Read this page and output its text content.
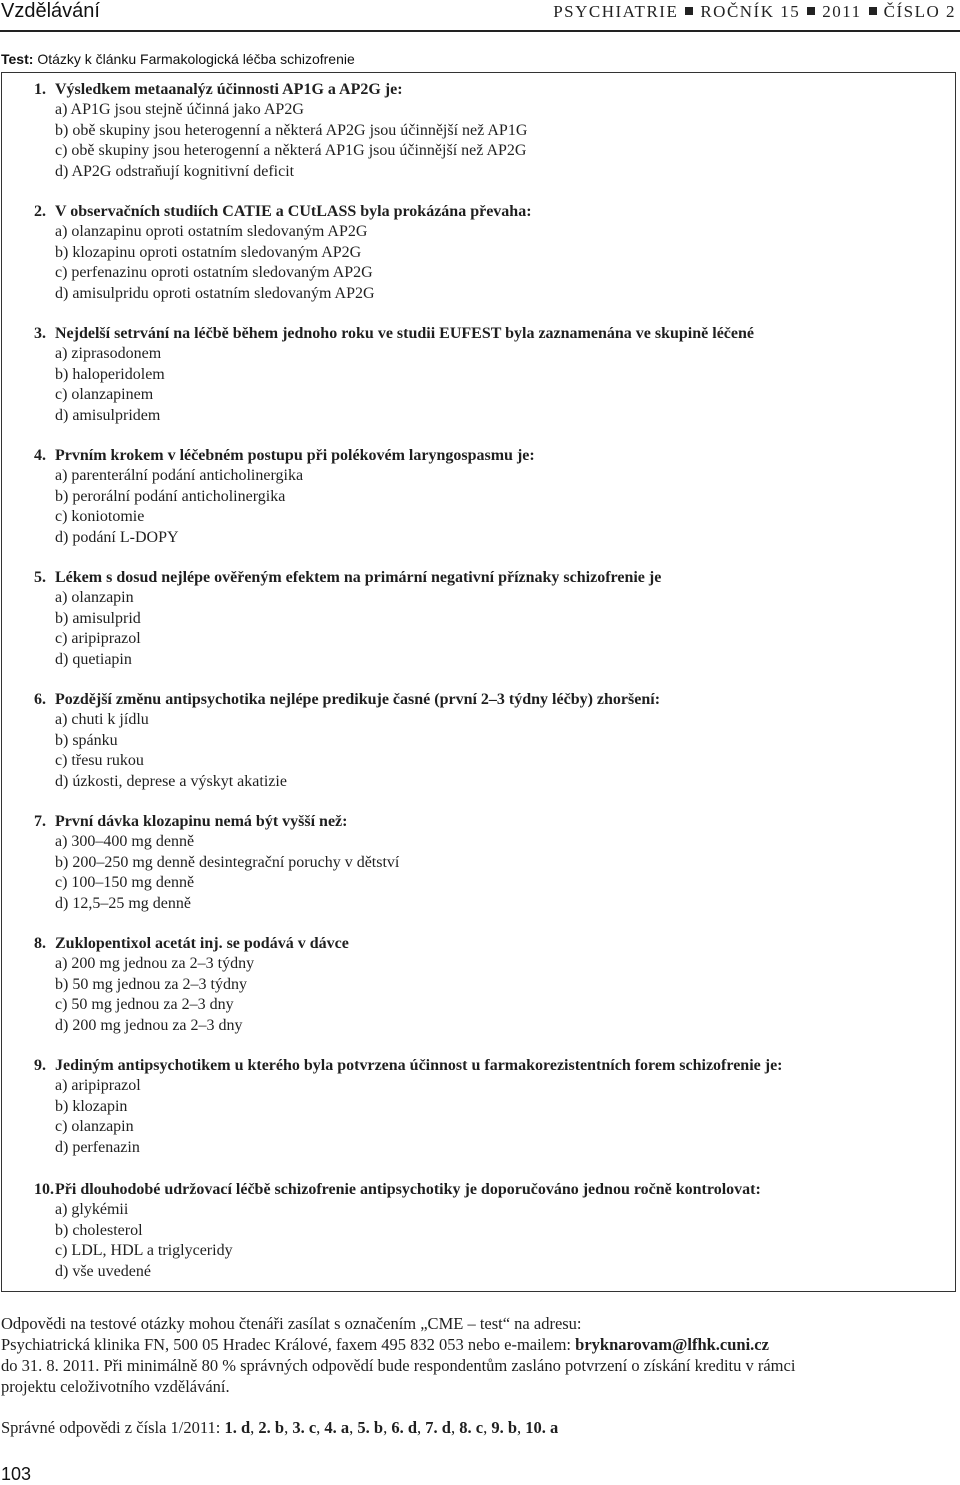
Vzdělávání	PSYCHIATRIE ROČNÍK 15 2011 ČÍSLO 2
Test: Otázky k článku Farmakologická léčba schizofrenie
1. Výsledkem metaanalýz účinnosti AP1G a AP2G je:
a) AP1G jsou stejně účinná jako AP2G
b) obě skupiny jsou heterogenní a některá AP2G jsou účinnější než AP1G
c) obě skupiny jsou heterogenní a některá AP1G jsou účinnější než AP2G
d) AP2G odstraňují kognitivní deficit
2. V observačních studiích CATIE a CUtLASS byla prokázána převaha:
a) olanzapinu oproti ostatním sledovaným AP2G
b) klozapinu oproti ostatním sledovaným AP2G
c) perfenazinu oproti ostatním sledovaným AP2G
d) amisulpridu oproti ostatním sledovaným AP2G
3. Nejdelší setrvání na léčbě během jednoho roku ve studii EUFEST byla zaznamenána ve skupině léčené
a) ziprasodonem
b) haloperidolem
c) olanzapinem
d) amisulpridem
4. Prvním krokem v léčebném postupu při polékovém laryngospasmu je:
a) parenterální podání anticholinergika
b) perorální podání anticholinergika
c) koniotomie
d) podání L-DOPY
5. Lékem s dosud nejlépe ověřeným efektem na primární negativní příznaky schizofrenie je
a) olanzapin
b) amisulprid
c) aripiprazol
d) quetiapin
6. Pozdější změnu antipsychotika nejlépe predikuje časné (první 2–3 týdny léčby) zhoršení:
a) chuti k jídlu
b) spánku
c) třesu rukou
d) úzkosti, deprese a výskyt akatizie
7. První dávka klozapinu nemá být vyšší než:
a) 300–400 mg denně
b) 200–250 mg denně desintegrační poruchy v dětství
c) 100–150 mg denně
d) 12,5–25 mg denně
8. Zuklopentixol acetát inj. se podává v dávce
a) 200 mg jednou za 2–3 týdny
b) 50 mg jednou za 2–3 týdny
c) 50 mg jednou za 2–3 dny
d) 200 mg jednou za 2–3 dny
9. Jediným antipsychotikem u kterého byla potvrzena účinnost u farmakorezistentních forem schizofrenie je:
a) aripiprazol
b) klozapin
c) olanzapin
d) perfenazin
10.Při dlouhodobé udržovací léčbě schizofrenie antipsychotiky je doporučováno jednou ročně kontrolovat:
a) glykémii
b) cholesterol
c) LDL, HDL a triglyceridy
d) vše uvedené
Odpovědi na testové otázky mohou čtenáři zasílat s označením „CME – test“ na adresu:
Psychiatrická klinika FN, 500 05 Hradec Králové, faxem 495 832 053 nebo e-mailem: bryknarovam@lfhk.cuni.cz
do 31. 8. 2011. Při minimálně 80 % správných odpovědí bude respondentům zasláno potvrzení o získání kreditu v rámci
projektu celoživotního vzdělávání.
Správné odpovědi z čísla 1/2011: 1. d, 2. b, 3. c, 4. a, 5. b, 6. d, 7. d, 8. c, 9. b, 10. a
103
